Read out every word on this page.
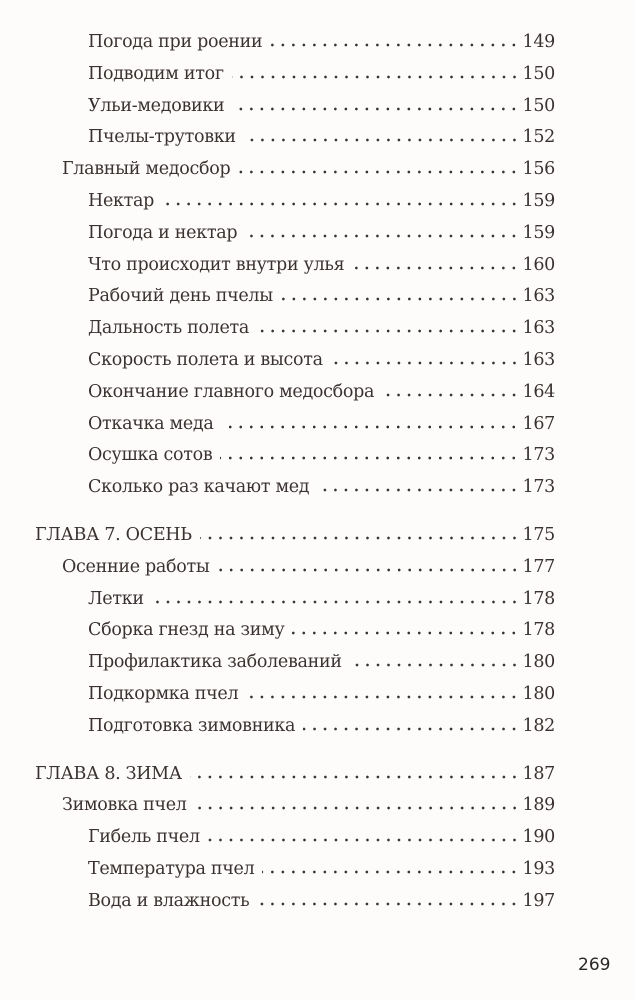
Погода при роении	149
Подводим итог	150
Ульи-медовики	150
Пчелы-трутовки	152
Главный медосбор	156
Нектар	159
Погода и нектар	159
Что происходит внутри улья	160
Рабочий день пчелы	163
Дальность полета	163
Скорость полета и высота	163
Окончание главного медосбора	164
Откачка меда	167
Осушка сотов	173
Сколько раз качают мед	173
ГЛАВА 7. ОСЕНЬ	175
Осенние работы	177
Летки	178
Сборка гнезд на зиму	178
Профилактика заболеваний	180
Подкормка пчел	180
Подготовка зимовника	182
ГЛАВА 8. ЗИМА	187
Зимовка пчел	189
Гибель пчел	190
Температура пчел	193
Вода и влажность	197
269
